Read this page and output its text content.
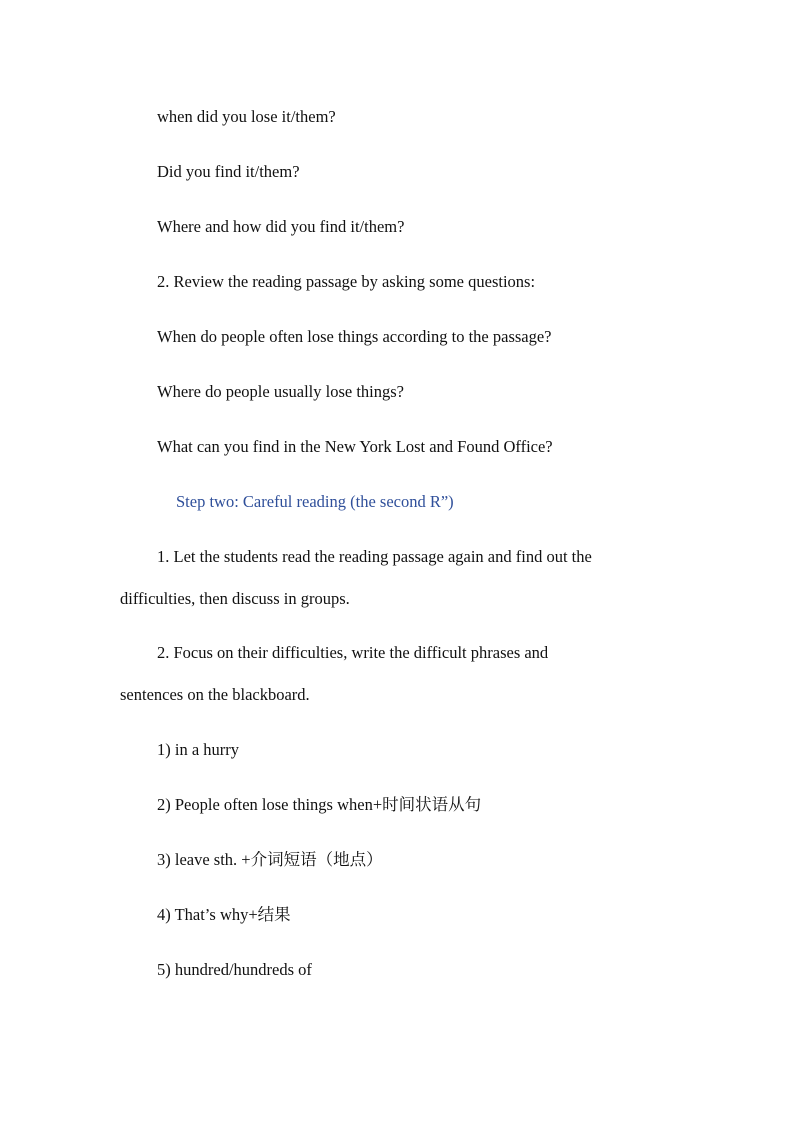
when did you lose it/them?
Did you find it/them?
Where and how did you find it/them?
2. Review the reading passage by asking some questions:
When do people often lose things according to the passage?
Where do people usually lose things?
What can you find in the New York Lost and Found Office?
Step two: Careful reading (the second R”)
1. Let the students read the reading passage again and find out the
difficulties, then discuss in groups.
2. Focus on their difficulties, write the difficult phrases and
sentences on the blackboard.
1) in a hurry
2) People often lose things when+时间状语从句
3) leave sth. +介词短语（地点）
4) That’s why+结果
5) hundred/hundreds of
